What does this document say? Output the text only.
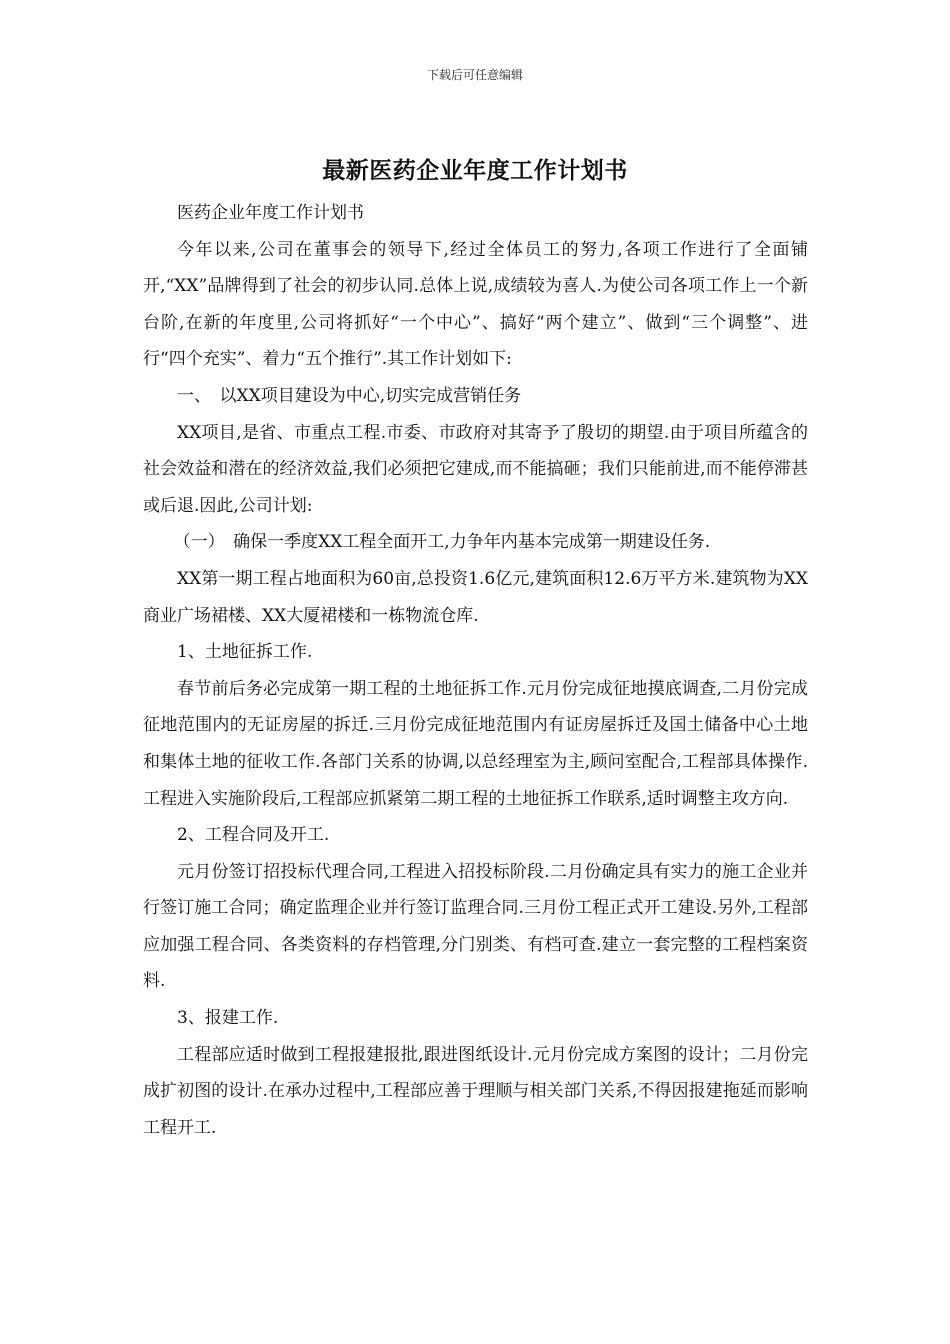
下载后可任意编辑
最新医药企业年度工作计划书

医药企业年度工作计划书

今年以来,公司在董事会的领导下,经过全体员工的努力,各项工作进行了全面铺开,“XX”品牌得到了社会的初步认同.总体上说,成绩较为喜人.为使公司各项工作上一个新台阶,在新的年度里,公司将抓好“一个中心”、搞好“两个建立”、做到“三个调整”、进行“四个充实”、着力“五个推行”.其工作计划如下:

一、　以XX项目建设为中心,切实完成营销任务

XX项目,是省、市重点工程.市委、市政府对其寄予了殷切的期望.由于项目所蕴含的社会效益和潜在的经济效益,我们必须把它建成,而不能搞砸；我们只能前进,而不能停滞甚或后退.因此,公司计划:

（一）　确保一季度XX工程全面开工,力争年内基本完成第一期建设任务.

XX第一期工程占地面积为60亩,总投资1.6亿元,建筑面积12.6万平方米.建筑物为XX商业广场裙楼、XX大厦裙楼和一栋物流仓库.

1、土地征拆工作.

春节前后务必完成第一期工程的土地征拆工作.元月份完成征地摸底调查,二月份完成征地范围内的无证房屋的拆迁.三月份完成征地范围内有证房屋拆迁及国土储备中心土地和集体土地的征收工作.各部门关系的协调,以总经理室为主,顾问室配合,工程部具体操作.工程进入实施阶段后,工程部应抓紧第二期工程的土地征拆工作联系,适时调整主攻方向.

2、工程合同及开工.

元月份签订招投标代理合同,工程进入招投标阶段.二月份确定具有实力的施工企业并行签订施工合同；确定监理企业并行签订监理合同.三月份工程正式开工建设.另外,工程部应加强工程合同、各类资料的存档管理,分门别类、有档可查.建立一套完整的工程档案资料.

3、报建工作.

工程部应适时做到工程报建报批,跟进图纸设计.元月份完成方案图的设计；二月份完成扩初图的设计.在承办过程中,工程部应善于理顺与相关部门关系,不得因报建拖延而影响工程开工.
